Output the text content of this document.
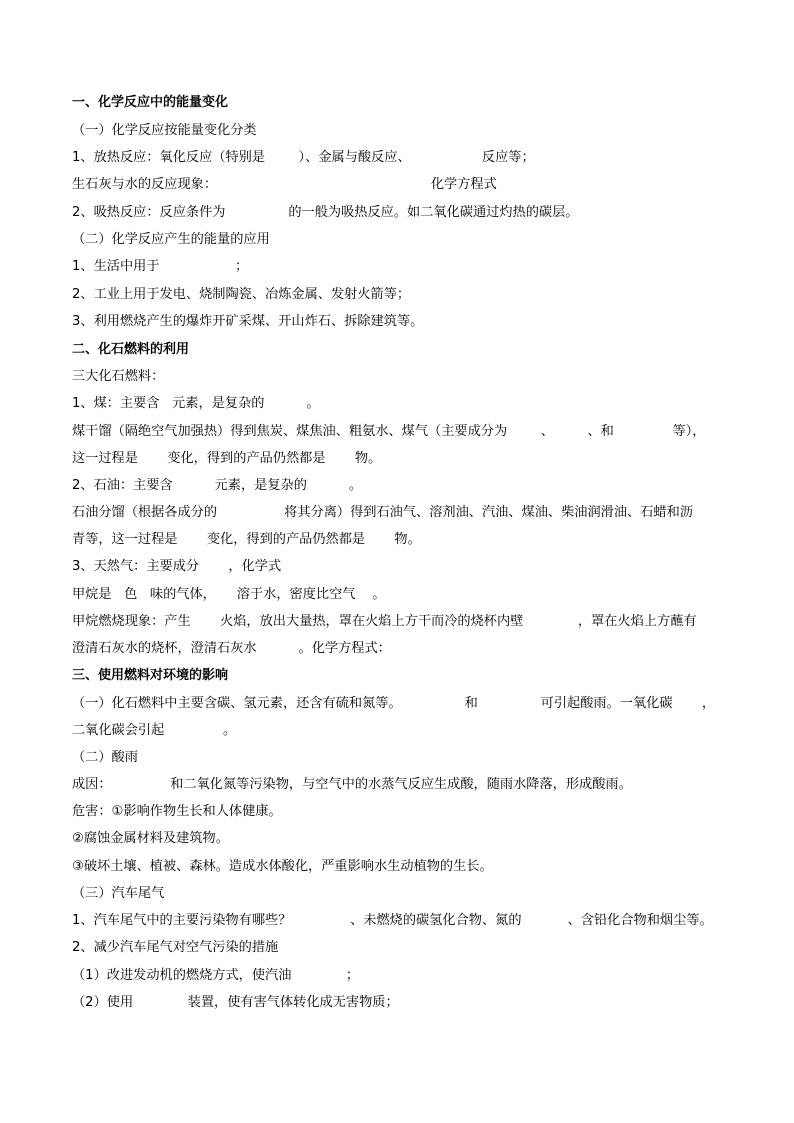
一、化学反应中的能量变化
（一）化学反应按能量变化分类
1、放热反应：氧化反应（特别是        ）、金属与酸反应、                 反应等；
生石灰与水的反应现象：                                                   化学方程式
2、吸热反应：反应条件为               的一般为吸热反应。如二氧化碳通过灼热的碳层。
（二）化学反应产生的能量的应用
1、生活中用于                  ；
2、工业上用于发电、烧制陶瓷、冶炼金属、发射火箭等；
3、利用燃烧产生的爆炸开矿采煤、开山炸石、拆除建筑等。
二、化石燃料的利用
三大化石燃料：
1、煤：主要含   元素，是复杂的          。
煤干馏（隔绝空气加强热）得到焦炭、煤焦油、粗氨水、煤气（主要成分为        、        、和              等），
这一过程是       变化，得到的产品仍然都是       物。
2、石油：主要含          元素，是复杂的          。
石油分馏（根据各成分的                将其分离）得到石油气、溶剂油、汽油、煤油、柴油润滑油、石蜡和沥
青等，这一过程是       变化，得到的产品仍然都是       物。
3、天然气：主要成分       ，化学式
甲烷是   色   味的气体，     溶于水，密度比空气    。
甲烷燃烧现象：产生       火焰，放出大量热，罩在火焰上方干而冷的烧杯内壁             ，罩在火焰上方蘸有
澄清石灰水的烧杯，澄清石灰水          。化学方程式：
三、使用燃料对环境的影响
（一）化石燃料中主要含碳、氢元素，还含有硫和氮等。               和               可引起酸雨。一氧化碳       ，
二氧化碳会引起              。
（二）酸雨
成因：              和二氧化氮等污染物，与空气中的水蒸气反应生成酸，随雨水降落，形成酸雨。
危害：①影响作物生长和人体健康。
②腐蚀金属材料及建筑物。
③破坏土壤、植被、森林。造成水体酸化，严重影响水生动植物的生长。
（三）汽车尾气
1、汽车尾气中的主要污染物有哪些？              、未燃烧的碳氢化合物、氮的           、含铅化合物和烟尘等。
2、减少汽车尾气对空气污染的措施
（1）改进发动机的燃烧方式，使汽油             ；
（2）使用             装置，使有害气体转化成无害物质；
